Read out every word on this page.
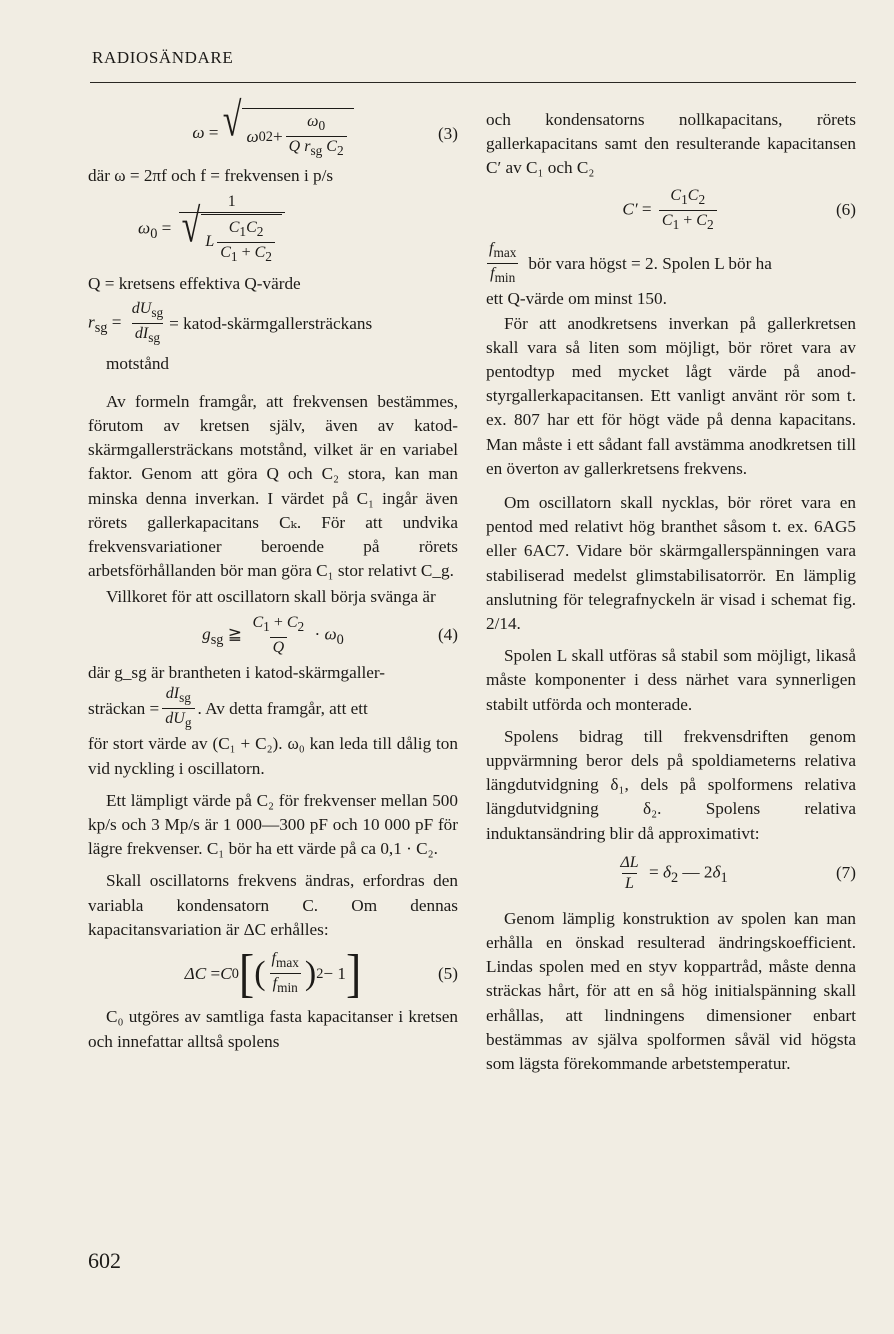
RADIOSÄNDARE
ω = √ ω 0 $2 + \frac{\omega_0}{Q r_{sg} C_2}$	(3)

där ω = 2πf och f = frekvensen i p/s

$\omega_0 = \frac{1}{√ L \frac{C_1C_2}{C_1 + C_2}}$

Q = kretsens effektiva Q‑värde

$r_{sg} = \frac{dU_{sg}}{dI_{sg}}$ = katod-skärmgallersträckans

motstånd

Av formeln framgår, att frekvensen bestämmes, förutom av kretsen själv, även av katod-skärmgallersträckans motstånd, vilket är en variabel faktor. Genom att göra Q och C₂ stora, kan man minska denna inverkan. I värdet på C₁ ingår även rörets gallerkapacitans Cₖ. För att undvika frekvensvariationer beroende på rörets arbetsförhållanden bör man göra C₁ stor relativt C_g.

Villkoret för att oscillatorn skall börja svänga är

$g_{sg}$ ≧ $\frac{C_1 + C_2}{Q} \cdot \omega_0$	(4)

där g_sg är brantheten i katod-skärmgaller-

sträckan = $\frac{dI_{sg}}{dU_g}$ . Av detta framgår, att ett

för stort värde av (C₁ + C₂). ω₀ kan leda till dålig ton vid nyckling i oscillatorn.

Ett lämpligt värde på C₂ för frekvenser mellan 500 kp/s och 3 Mp/s är 1 000—300 pF och 10 000 pF för lägre frekvenser. C₁ bör ha ett värde på ca 0,1 · C₂.

Skall oscillatorns frekvens ändras, erfordras den variabla kondensatorn C. Om dennas kapacitansvariation är ΔC erhålles:

ΔC = C 0 [ ( $\frac{f_{max}}{f_{min}}$ ) 2 − 1 ]	(5)

C₀ utgöres av samtliga fasta kapacitanser i kretsen och innefattar alltså spolens

och kondensatorns nollkapacitans, rörets gallerkapacitans samt den resulterande kapacitansen C′ av C₁ och C₂

$C' = \frac{C_1C_2}{C_1 + C_2}$	(6)
$\frac{f_{max}}{f_{min}}$ bör vara högst = 2. Spolen L bör ha

ett Q-värde om minst 150.

För att anodkretsens inverkan på gallerkretsen skall vara så liten som möjligt, bör röret vara av pentodtyp med mycket lågt värde på anod-styrgallerkapacitansen. Ett vanligt använt rör som t. ex. 807 har ett för högt väde på denna kapacitans. Man måste i ett sådant fall avstämma anodkretsen till en överton av gallerkretsens frekvens.

Om oscillatorn skall nycklas, bör röret vara en pentod med relativt hög branthet såsom t. ex. 6AG5 eller 6AC7. Vidare bör skärmgallerspänningen vara stabiliserad medelst glimstabilisatorrör. En lämplig anslutning för telegrafnyckeln är visad i schemat fig. 2/14.

Spolen L skall utföras så stabil som möjligt, likaså måste komponenter i dess närhet vara synnerligen stabilt utförda och monterade.

Spolens bidrag till frekvensdriften genom uppvärmning beror dels på spoldiameterns relativa längdutvidgning δ₁, dels på spolformens relativa längdutvidgning δ₂. Spolens relativa induktansändring blir då approximativt:

$\frac{\Delta L}{L} = \delta_2$ — $2\delta_1$	(7)

Genom lämplig konstruktion av spolen kan man erhålla en önskad resulterad ändringskoefficient. Lindas spolen med en styv koppartråd, måste denna sträckas hårt, för att en så hög initialspänning skall erhållas, att lindningens dimensioner enbart bestämmas av själva spolformen såväl vid högsta som lägsta förekommande arbetstemperatur.

602
